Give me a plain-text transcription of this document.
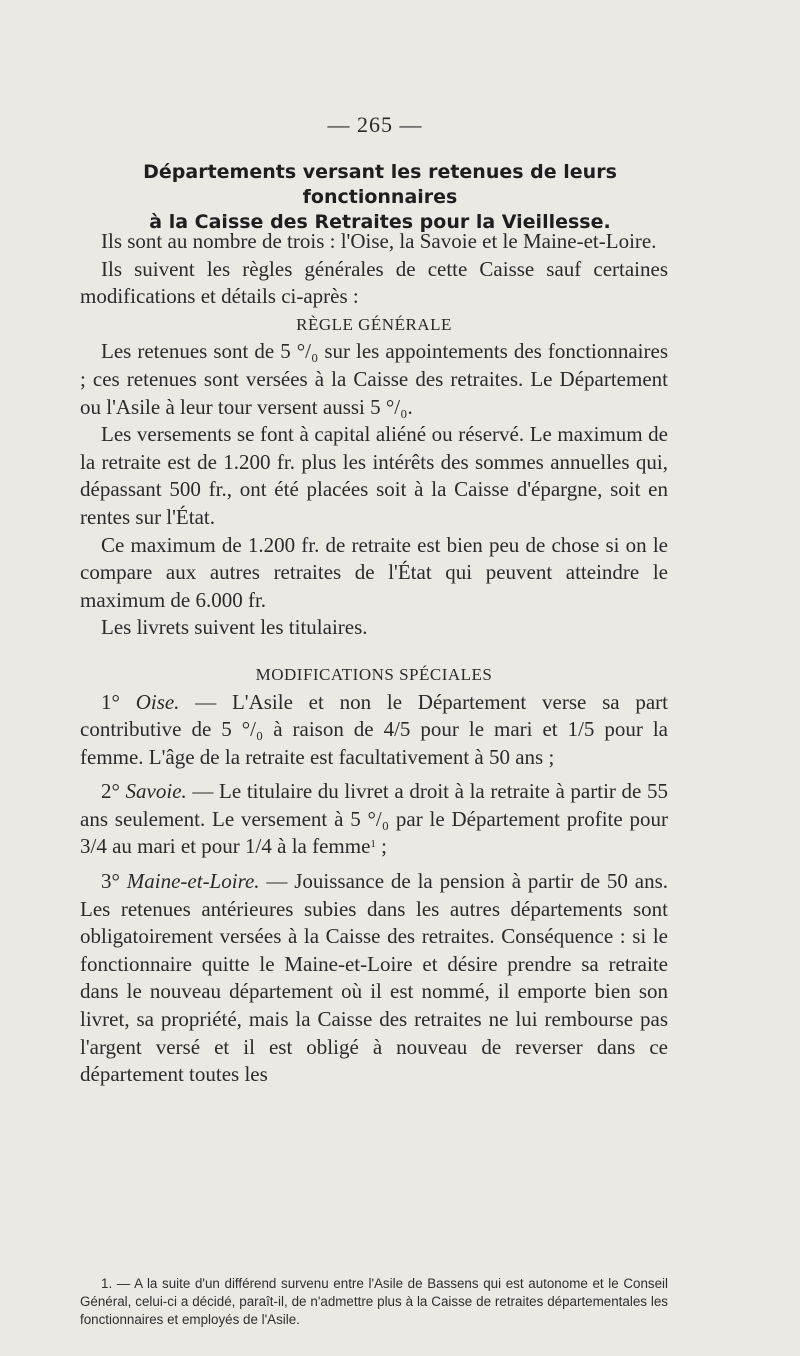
— 265 —
Départements versant les retenues de leurs fonctionnaires
à la Caisse des Retraites pour la Vieillesse.

Ils sont au nombre de trois : l'Oise, la Savoie et le Maine-et-Loire.

Ils suivent les règles générales de cette Caisse sauf certaines modifications et détails ci-après :

RÈGLE GÉNÉRALE

Les retenues sont de 5 °/₀ sur les appointements des fonctionnaires ; ces retenues sont versées à la Caisse des retraites. Le Département ou l'Asile à leur tour versent aussi 5 °/₀.

Les versements se font à capital aliéné ou réservé. Le maximum de la retraite est de 1.200 fr. plus les intérêts des sommes annuelles qui, dépassant 500 fr., ont été placées soit à la Caisse d'épargne, soit en rentes sur l'État.

Ce maximum de 1.200 fr. de retraite est bien peu de chose si on le compare aux autres retraites de l'État qui peuvent atteindre le maximum de 6.000 fr.

Les livrets suivent les titulaires.

MODIFICATIONS SPÉCIALES

1° Oise. — L'Asile et non le Département verse sa part contributive de 5 °/₀ à raison de 4/5 pour le mari et 1/5 pour la femme. L'âge de la retraite est facultativement à 50 ans ;

2° Savoie. — Le titulaire du livret a droit à la retraite à partir de 55 ans seulement. Le versement à 5 °/₀ par le Département profite pour 3/4 au mari et pour 1/4 à la femme$^1$ ;

3° Maine-et-Loire. — Jouissance de la pension à partir de 50 ans. Les retenues antérieures subies dans les autres départements sont obligatoirement versées à la Caisse des retraites. Conséquence : si le fonctionnaire quitte le Maine-et-Loire et désire prendre sa retraite dans le nouveau département où il est nommé, il emporte bien son livret, sa propriété, mais la Caisse des retraites ne lui rembourse pas l'argent versé et il est obligé à nouveau de reverser dans ce département toutes les

1. — A la suite d'un différend survenu entre l'Asile de Bassens qui est autonome et le Conseil Général, celui-ci a décidé, paraît-il, de n'admettre plus à la Caisse de retraites départementales les fonctionnaires et employés de l'Asile.
